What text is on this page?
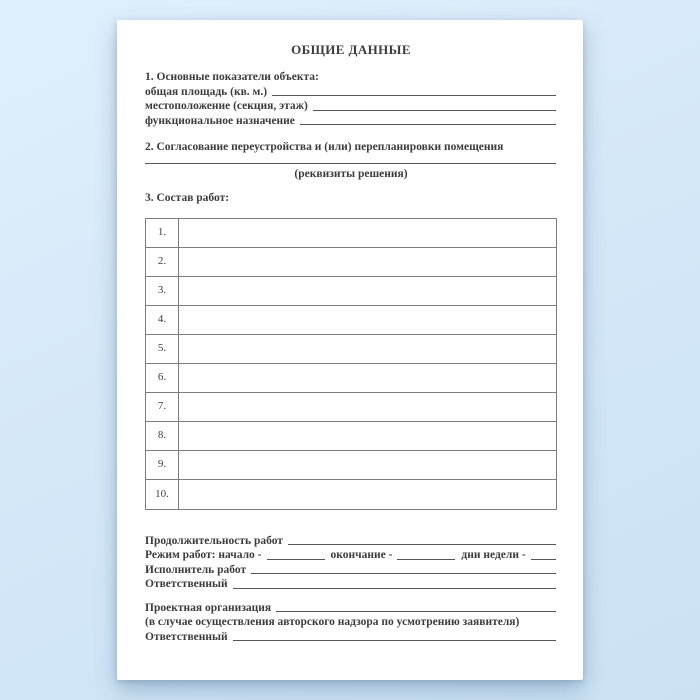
ОБЩИЕ ДАННЫЕ
1. Основные показатели объекта:
общая площадь (кв. м.)
местоположение (секция, этаж)
функциональное назначение
2. Согласование переустройства и (или) перепланировки помещения
(реквизиты решения)
3. Состав работ:
1.
2.
3.
4.
5.
6.
7.
8.
9.
10.
Продолжительность работ
Режим работ: начало -	окончание -	дни недели -
Исполнитель работ
Ответственный
Проектная организация
(в случае осуществления авторского надзора по усмотрению заявителя)
Ответственный
